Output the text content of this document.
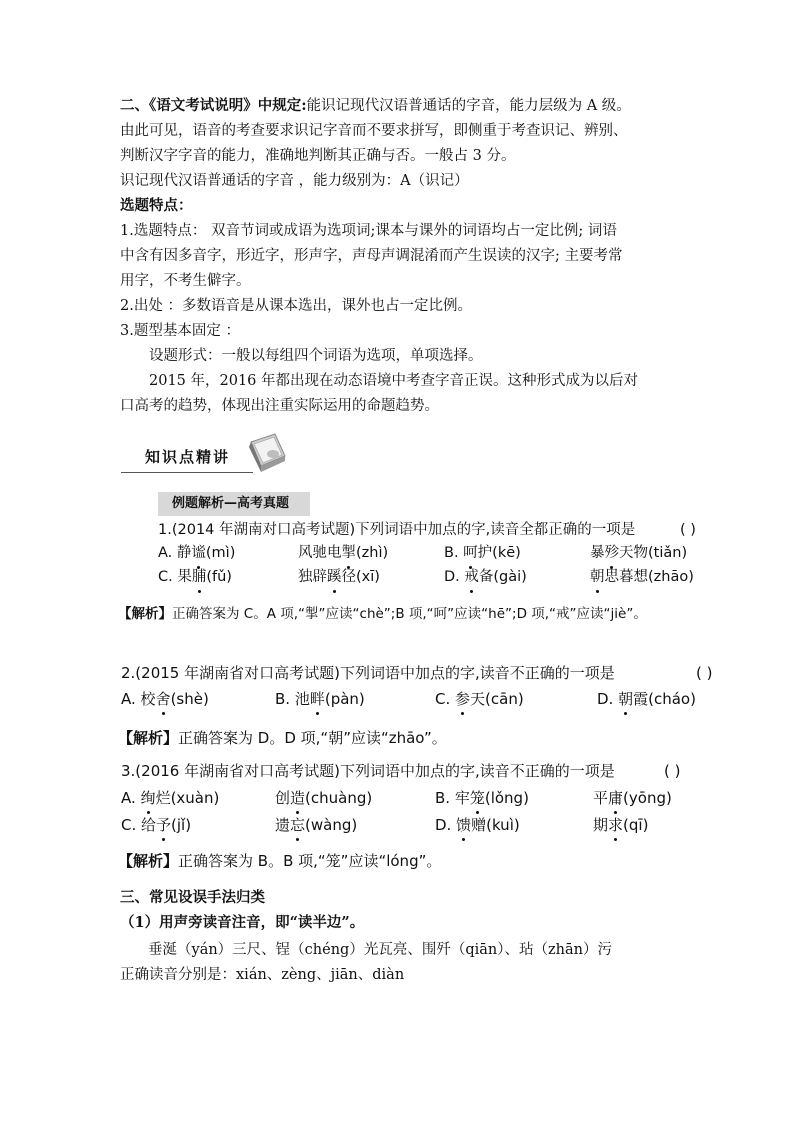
二、《语文考试说明》中规定:能识记现代汉语普通话的字音，能力层级为 A 级。
由此可见，语音的考查要求识记字音而不要求拼写，即侧重于考查识记、辨别、
判断汉字字音的能力，准确地判断其正确与否。一般占 3 分。
识记现代汉语普通话的字音 ，能力级别为：A（识记）
选题特点：
1.选题特点： 双音节词或成语为选项词;课本与课外的词语均占一定比例; 词语
中含有因多音字，形近字，形声字，声母声调混淆而产生误读的汉字; 主要考常
用字，不考生僻字。
2.出处 ：多数语音是从课本选出，课外也占一定比例。
3.题型基本固定 ：
设题形式：一般以每组四个词语为选项，单项选择。
2015 年，2016 年都出现在动态语境中考查字音正误。这种形式成为以后对
口高考的趋势，体现出注重实际运用的命题趋势。
知识点精讲
例题解析—高考真题
1.(2014 年湖南对口高考试题)下列词语中加点的字,读音全都正确的一项是	( )
A. 静谧(mì)	风驰电掣(zhì)	B. 呵护(kē)	暴殄天物(tiǎn)
C. 果脯(fǔ)	独辟蹊径(xī)	D. 戒备(gài)	朝思暮想(zhāo)
【解析】正确答案为 C。A 项,“掣”应读“chè”;B 项,“呵”应读“hē”;D 项,“戒”应读“jiè”。
2.(2015 年湖南省对口高考试题)下列词语中加点的字,读音不正确的一项是	( )
A. 校舍(shè)	B. 池畔(pàn)	C. 参天(cān)	D. 朝霞(cháo)
【解析】正确答案为 D。D 项,“朝”应读“zhāo”。
3.(2016 年湖南省对口高考试题)下列词语中加点的字,读音不正确的一项是	( )
A. 绚烂(xuàn)	创造(chuàng)	B. 牢笼(lǒng)	平庸(yōng)
C. 给予(jǐ)	遗忘(wàng)	D. 馈赠(kuì)	期求(qī)
【解析】正确答案为 B。B 项,“笼”应读“lóng”。
三、常见设误手法归类
（1）用声旁读音注音，即“读半边”。
垂涎（yán）三尺、锃（chéng）光瓦亮、围歼（qiān）、玷（zhān）污
正确读音分别是：xián、zèng、jiān、diàn
